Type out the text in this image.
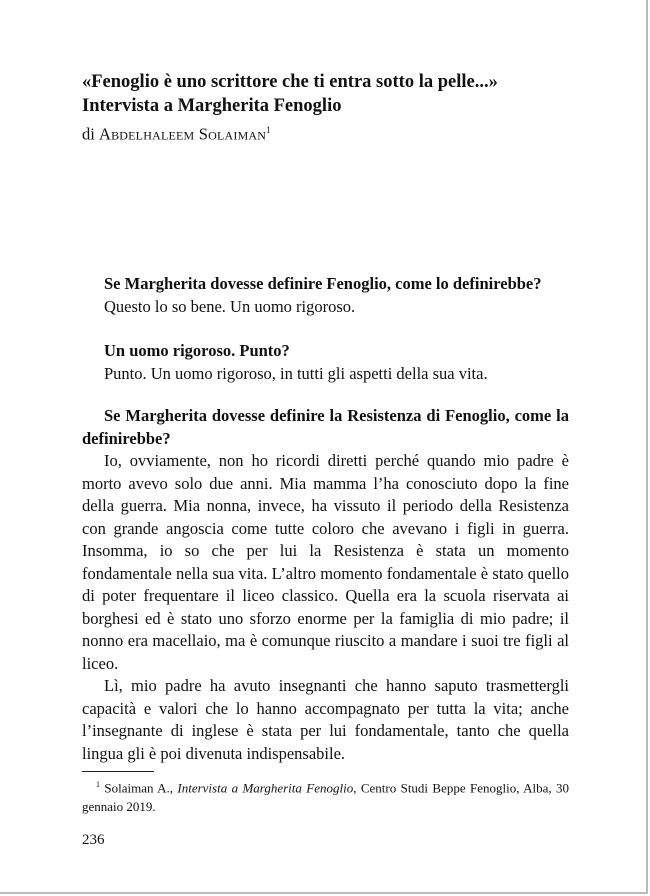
«Fenoglio è uno scrittore che ti entra sotto la pelle...»

Intervista a Margherita Fenoglio

di Abdelhaleem Solaiman$^1$

Se Margherita dovesse definire Fenoglio, come lo definirebbe?

Questo lo so bene. Un uomo rigoroso.

Un uomo rigoroso. Punto?

Punto. Un uomo rigoroso, in tutti gli aspetti della sua vita.

Se Margherita dovesse definire la Resistenza di Fenoglio, come la definirebbe?

Io, ovviamente, non ho ricordi diretti perché quando mio padre è morto avevo solo due anni. Mia mamma l’ha conosciuto dopo la fine della guerra. Mia nonna, invece, ha vissuto il periodo della Resistenza con grande angoscia come tutte coloro che avevano i figli in guerra. Insomma, io so che per lui la Resistenza è stata un momento fondamentale nella sua vita. L’altro momento fondamentale è stato quello di poter frequentare il liceo classico. Quella era la scuola riservata ai borghesi ed è stato uno sforzo enorme per la famiglia di mio padre; il nonno era macellaio, ma è comunque riuscito a mandare i suoi tre figli al liceo.

Lì, mio padre ha avuto insegnanti che hanno saputo trasmettergli capacità e valori che lo hanno accompagnato per tutta la vita; anche l’insegnante di inglese è stata per lui fondamentale, tanto che quella lingua gli è poi divenuta indispensabile.

$^1$ Solaiman A., Intervista a Margherita Fenoglio, Centro Studi Beppe Fenoglio, Alba, 30 gennaio 2019.
236
